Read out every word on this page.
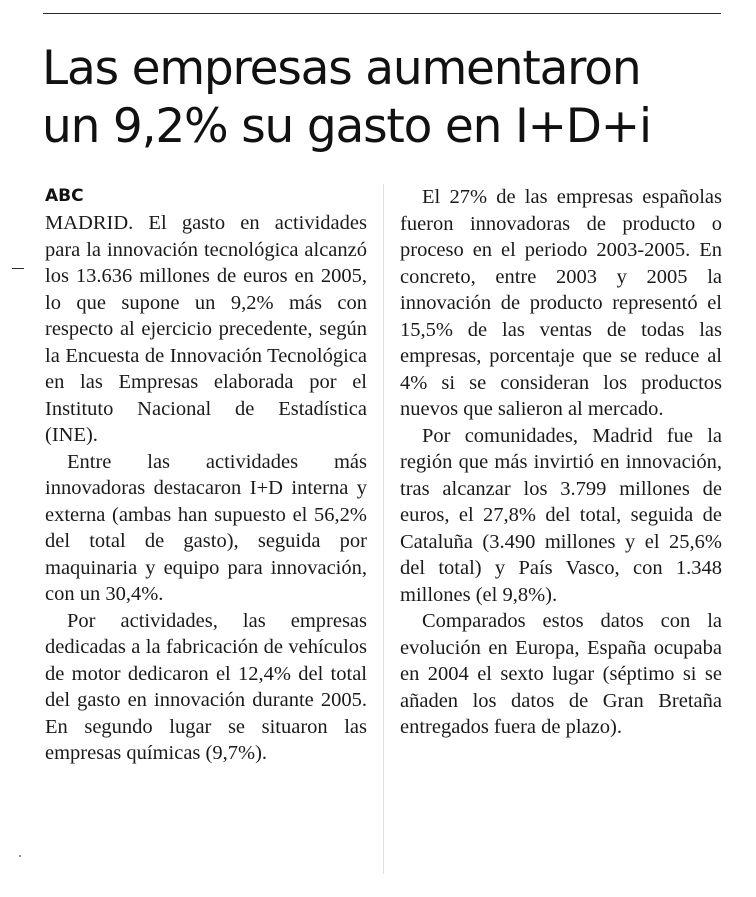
Las empresas aumentaron
un 9,2% su gasto en I+D+i
ABC

MADRID. El gasto en actividades para la innovación tecnológica alcanzó los 13.636 millones de euros en 2005, lo que supone un 9,2% más con respecto al ejercicio precedente, según la Encuesta de Innovación Tecnológica en las Empresas elaborada por el Instituto Nacional de Estadística (INE).

Entre las actividades más innovadoras destacaron I+D interna y externa (ambas han supuesto el 56,2% del total de gasto), seguida por maquinaria y equipo para innovación, con un 30,4%.

Por actividades, las empresas dedicadas a la fabricación de vehículos de motor dedicaron el 12,4% del total del gasto en innovación durante 2005. En segundo lugar se situaron las empresas químicas (9,7%).

El 27% de las empresas españolas fueron innovadoras de producto o proceso en el periodo 2003-2005. En concreto, entre 2003 y 2005 la innovación de producto representó el 15,5% de las ventas de todas las empresas, porcentaje que se reduce al 4% si se consideran los productos nuevos que salieron al mercado.

Por comunidades, Madrid fue la región que más invirtió en innovación, tras alcanzar los 3.799 millones de euros, el 27,8% del total, seguida de Cataluña (3.490 millones y el 25,6% del total) y País Vasco, con 1.348 millones (el 9,8%).

Comparados estos datos con la evolución en Europa, España ocupaba en 2004 el sexto lugar (séptimo si se añaden los datos de Gran Bretaña entregados fuera de plazo).
